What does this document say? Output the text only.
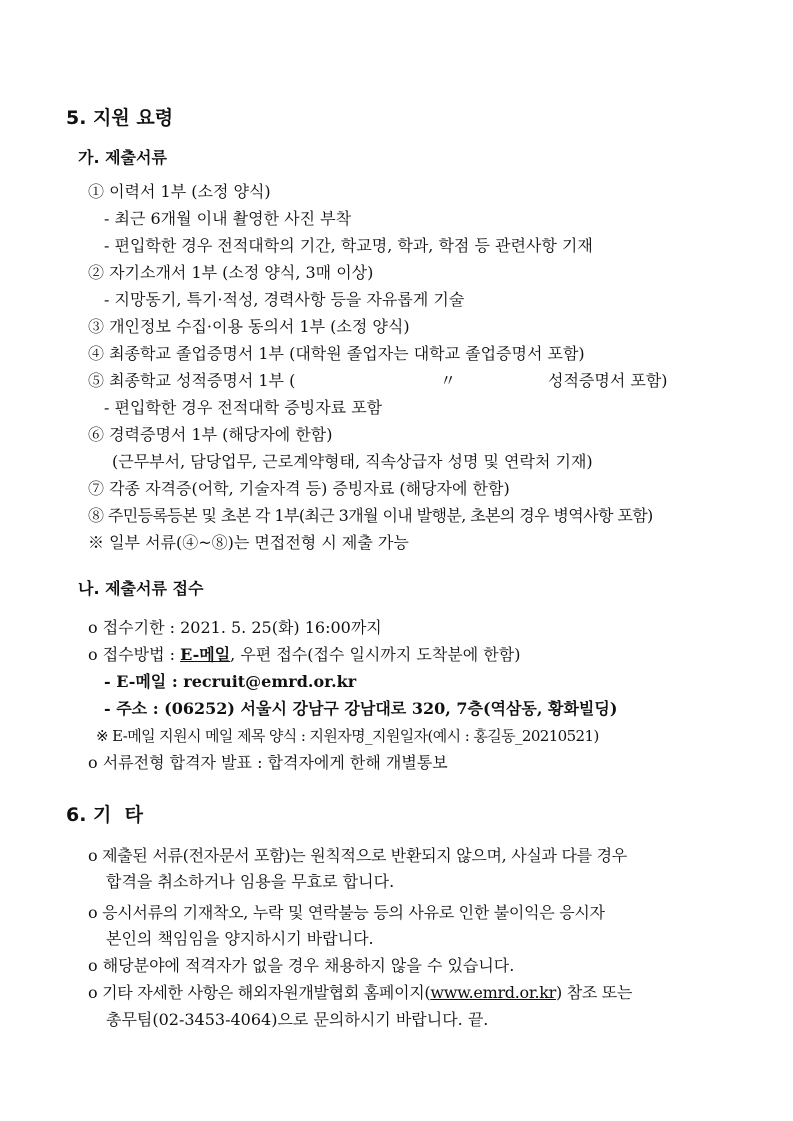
5. 지원 요령
가. 제출서류
① 이력서 1부 (소정 양식)
- 최근 6개월 이내 촬영한 사진 부착
- 편입학한 경우 전적대학의 기간, 학교명, 학과, 학점 등 관련사항 기재
② 자기소개서 1부 (소정 양식, 3매 이상)
- 지망동기, 특기·적성, 경력사항 등을 자유롭게 기술
③ 개인정보 수집·이용 동의서 1부 (소정 양식)
④ 최종학교 졸업증명서 1부 (대학원 졸업자는 대학교 졸업증명서 포함)
⑤ 최종학교 성적증명서 1부 (	〃	성적증명서 포함)
- 편입학한 경우 전적대학 증빙자료 포함
⑥ 경력증명서 1부 (해당자에 한함)
(근무부서, 담당업무, 근로계약형태, 직속상급자 성명 및 연락처 기재)
⑦ 각종 자격증(어학, 기술자격 등) 증빙자료 (해당자에 한함)
⑧ 주민등록등본 및 초본 각 1부(최근 3개월 이내 발행분, 초본의 경우 병역사항 포함)
※ 일부 서류(④~⑧)는 면접전형 시 제출 가능
나. 제출서류 접수
o 접수기한 : 2021. 5. 25(화) 16:00까지
o 접수방법 : E-메일, 우편 접수(접수 일시까지 도착분에 한함)
- E-메일 : recruit@emrd.or.kr
- 주소 : (06252) 서울시 강남구 강남대로 320, 7층(역삼동, 황화빌딩)
※ E-메일 지원시 메일 제목 양식 : 지원자명_지원일자(예시 : 홍길동_20210521)
o 서류전형 합격자 발표 : 합격자에게 한해 개별통보
6. 기  타
o 제출된 서류(전자문서 포함)는 원칙적으로 반환되지 않으며, 사실과 다를 경우
합격을 취소하거나 임용을 무효로 합니다.
o 응시서류의 기재착오, 누락 및 연락불능 등의 사유로 인한 불이익은 응시자
본인의 책임임을 양지하시기 바랍니다.
o 해당분야에 적격자가 없을 경우 채용하지 않을 수 있습니다.
o 기타 자세한 사항은 해외자원개발협회 홈페이지(www.emrd.or.kr) 참조 또는
총무팀(02-3453-4064)으로 문의하시기 바랍니다. 끝.
